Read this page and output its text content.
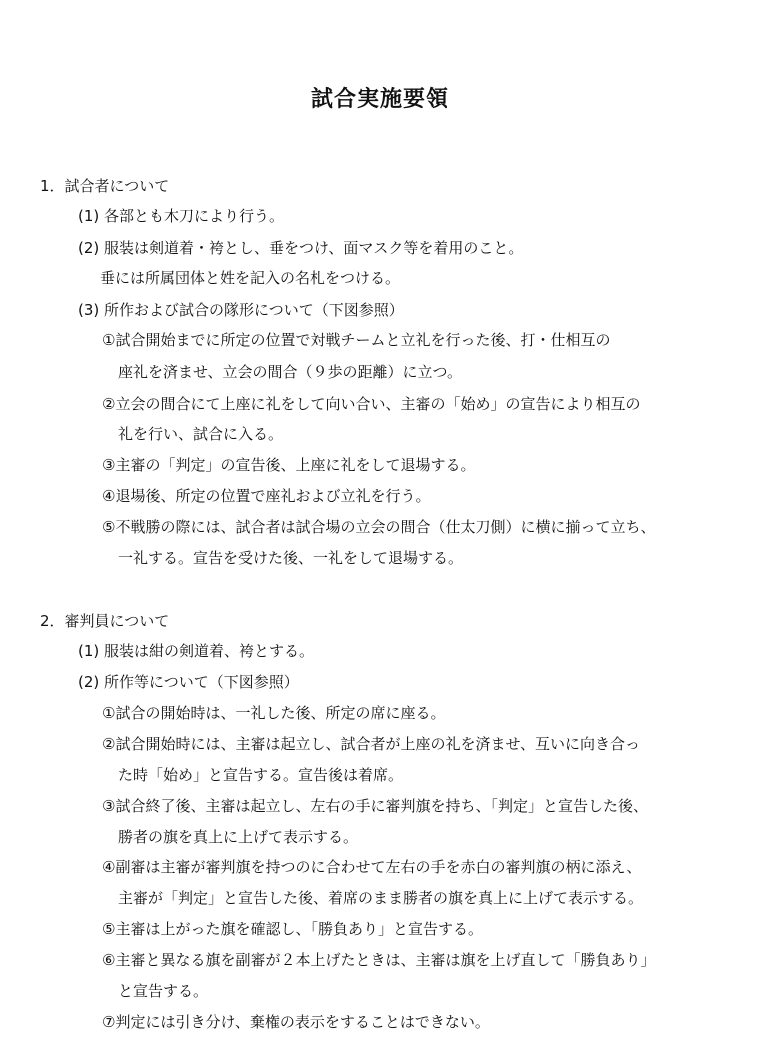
試合実施要領
1．試合者について
(1) 各部とも木刀により行う。
(2) 服装は剣道着・袴とし、垂をつけ、面マスク等を着用のこと。
垂には所属団体と姓を記入の名札をつける。
(3) 所作および試合の隊形について（下図参照）
①試合開始までに所定の位置で対戦チームと立礼を行った後、打・仕相互の
座礼を済ませ、立会の間合（９歩の距離）に立つ。
②立会の間合にて上座に礼をして向い合い、主審の「始め」の宣告により相互の
礼を行い、試合に入る。
③主審の「判定」の宣告後、上座に礼をして退場する。
④退場後、所定の位置で座礼および立礼を行う。
⑤不戦勝の際には、試合者は試合場の立会の間合（仕太刀側）に横に揃って立ち、
一礼する。宣告を受けた後、一礼をして退場する。
2．審判員について
(1) 服装は紺の剣道着、袴とする。
(2) 所作等について（下図参照）
①試合の開始時は、一礼した後、所定の席に座る。
②試合開始時には、主審は起立し、試合者が上座の礼を済ませ、互いに向き合っ
た時「始め」と宣告する。宣告後は着席。
③試合終了後、主審は起立し、左右の手に審判旗を持ち、「判定」と宣告した後、
勝者の旗を真上に上げて表示する。
④副審は主審が審判旗を持つのに合わせて左右の手を赤白の審判旗の柄に添え、
主審が「判定」と宣告した後、着席のまま勝者の旗を真上に上げて表示する。
⑤主審は上がった旗を確認し、「勝負あり」と宣告する。
⑥主審と異なる旗を副審が２本上げたときは、主審は旗を上げ直して「勝負あり」
と宣告する。
⑦判定には引き分け、棄権の表示をすることはできない。
